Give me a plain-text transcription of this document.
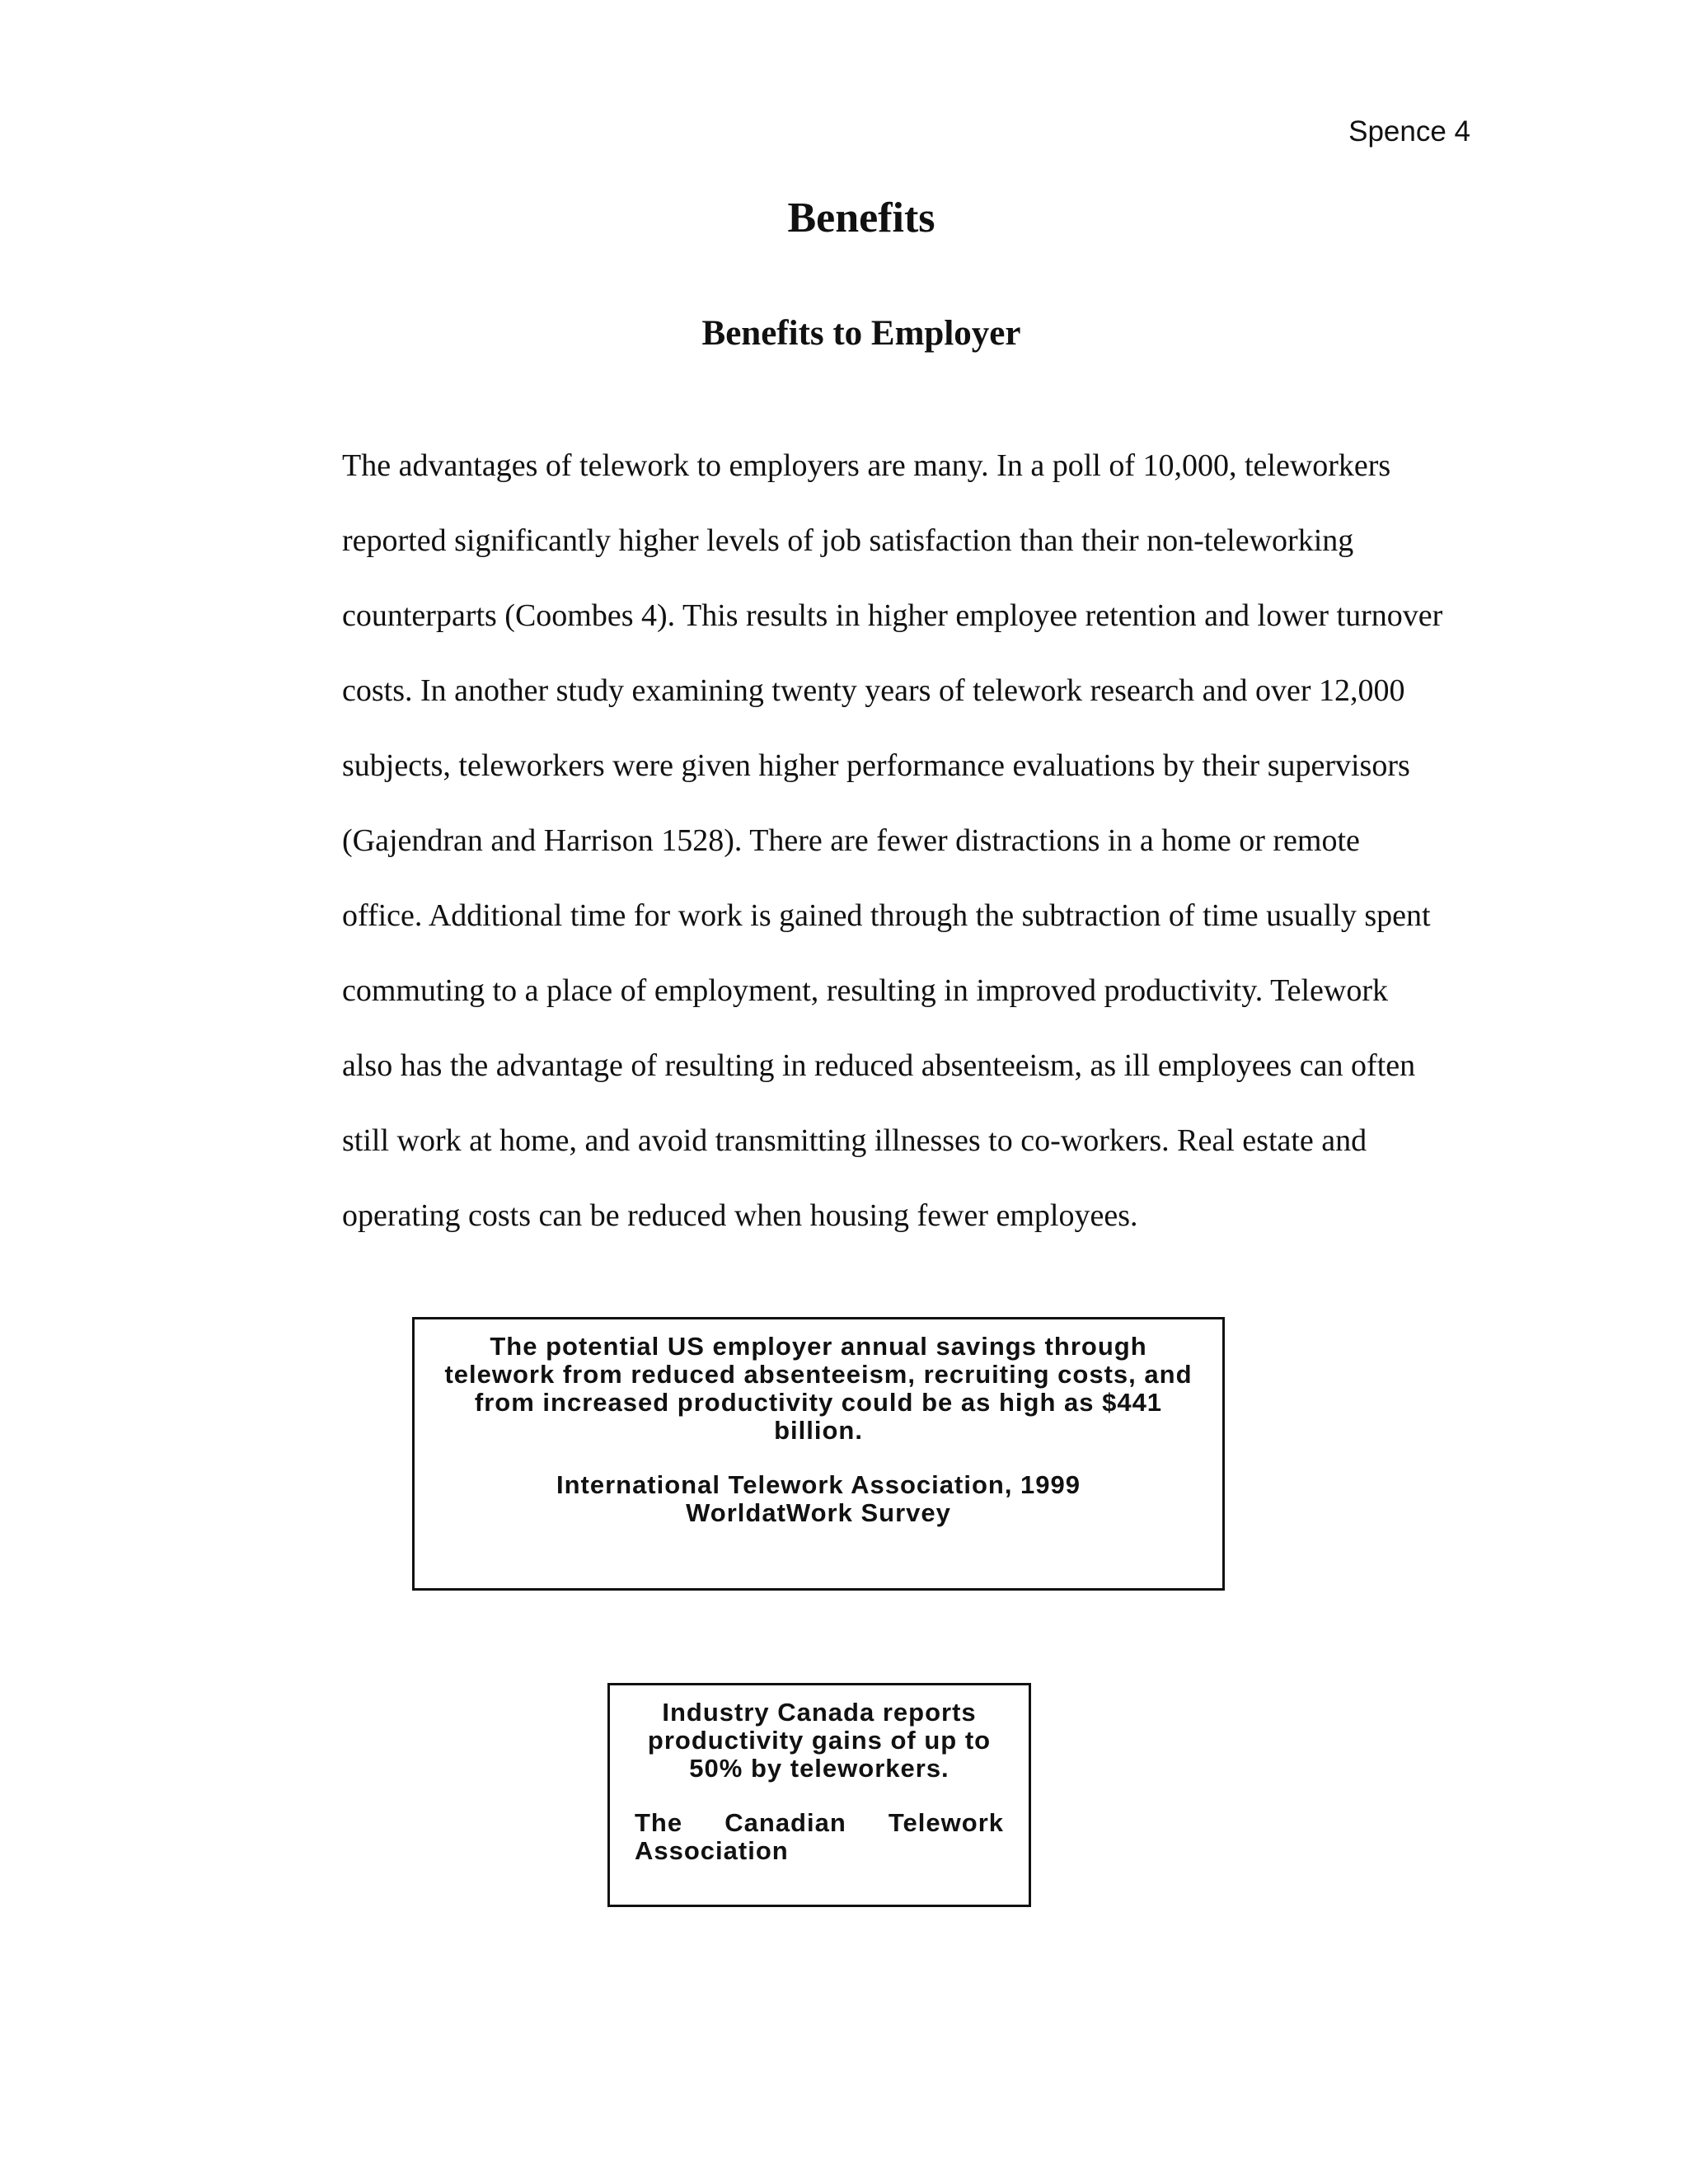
Spence 4
Benefits
Benefits to Employer
The advantages of telework to employers are many. In a poll of 10,000, teleworkers
reported significantly higher levels of job satisfaction than their non-teleworking
counterparts (Coombes 4). This results in higher employee retention and lower turnover
costs. In another study examining twenty years of telework research and over 12,000
subjects, teleworkers were given higher performance evaluations by their supervisors
(Gajendran and Harrison 1528). There are fewer distractions in a home or remote
office. Additional time for work is gained through the subtraction of time usually spent
commuting to a place of employment, resulting in improved productivity. Telework
also has the advantage of resulting in reduced absenteeism, as ill employees can often
still work at home, and avoid transmitting illnesses to co-workers. Real estate and
operating costs can be reduced when housing fewer employees.

The potential US employer annual savings through telework from reduced absenteeism, recruiting costs, and from increased productivity could be as high as $441 billion.

International Telework Association, 1999

WorldatWork Survey

Industry Canada reports productivity gains of up to 50% by teleworkers.

The Canadian Telework
Association
